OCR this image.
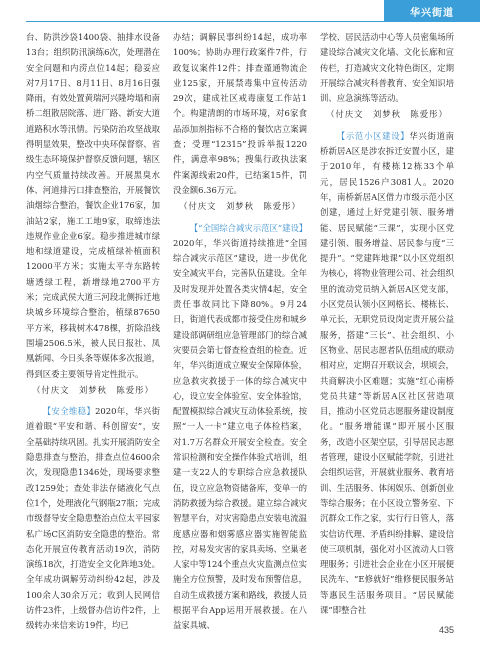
华兴街道

台、防洪沙袋1400袋、抽排水设备13台；组织防汛演练6次，处理潜在安全问题和内涝点位14起；稳妥应对7月17日、8月11日、8月16日强降雨，有效处置黄瑞河兴隆垮塌和南桥二组散居院落、进厂路、新安大道道路积水等汛情。污染防治攻坚战取得明显效果，整改中央环保督察、省级生态环境保护督察反馈问题，辖区内空气质量持续改善。开展黑臭水体、河道排污口排查整治，开展餐饮油烟综合整治，餐饮企业176家，加油站2家，施工工地9家，取缔违法违规作业企业6家。稳步推进城市绿地和绿道建设，完成植绿补植面积12000平方米；实施太平寺东路转塘透绿工程，新增绿地2700平方米；完成武侯大道三河段北侧拆迁地块城乡环境综合整治，植绿87650平方米，移栽树木478棵，折除沿线围墙2506.5米，被人民日报社、凤凰新闻、今日头条等媒体多次报道，得到区委主要领导肯定性批示。

（付庆文　刘梦秋　陈爱彤）

【安全维稳】2020年，华兴街道着眼“平安和谐、科创留安”，安全基础持续巩固。扎实开展消防安全隐患排查与整治，排查点位4600余次，发现隐患1346处，现场要求整改1259处；查处非法存储液化气点位1个，处理液化气钢瓶27瓶；完成市级督导安全隐患整治点位太平园家私广场C区消防安全隐患的整治。常态化开展宣传教育活动19次，消防演练18次，打造安全文化阵地3处。全年成功调解劳动纠纷42起，涉及100余人30余万元；收到人民网信访件23件，上级督办信访件2件，上级转办来信来访19件，均已

办结；调解民事纠纷14起，成功率100%；协助办理行政案件7件，行政复议案件12件；排查谨通物流企业125家，开展禁毒集中宣传活动29次，建成社区戒毒康复工作站1个。构建清朗的市场环境，对6家食品添加剂指标不合格的餐饮店立案调查；受理“12315”投诉举报1220件，满意率98%；搜集行政执法案件案源线索20件，已结案15件，罚没金额6.36万元。

（付庆文　刘梦秋　陈爱彤）

【“全国综合减灾示范区”建设】2020年，华兴街道持续推进“全国综合减灾示范区”建设，进一步优化安全减灾平台，完善队伍建设。全年及时发现并处置各类灾情4起，安全责任事故同比下降80%。9月24日，街道代表成都市接受住房和城乡建设部调研组应急管理部门的综合减灾要员会第七督查检查组的检查。近年，华兴街道成立聚安全保障体验，应急救灾救援于一体的综合减灾中心，设立安全体验室、安全体验馆，配置模拟综合减灾互动体验系统，按照“一人一卡”建立电子体检档案，对1.7万名群众开展安全检查。安全常识检测和安全操作体验式培训，组建一支22人的专职综合应急救援队伍，设立应急物资储备库，变单一的消防救援为综合救援。建立综合减灾智慧平台，对灾害隐患点安装电流温度感应器和烟雾感应器实施智能监控，对易发灾害的家具卖场、空巢老人家中等124个重点火灾监测点位实施全方位预警，及时发布预警信息，自动生成救援方案和路线，救援人员根据平台App运用开展救援。在八益家具城、

学校、居民活动中心等人员密集场所建设综合减灾文化墙、文化长廊和宣传栏，打造减灾文化特色街区，定期开展综合减灾科普教育、安全知识培训、应急演练等活动。

（付庆文　刘梦秋　陈爱彤）

【示范小区建设】华兴街道南桥新居A区是涉农拆迁安置小区，建于2010年，有楼栋12栋33个单元，居民1526户3081人。2020年，南桥新居A区借力市级示范小区创建，通过上好党建引领、服务增能、居民赋能“三课”，实现小区党建引领、服务增益、居民参与度“三提升”。“党建阵地课”以小区党组织为核心，将物业管理公司、社会组织里的流动党员纳入新居A区党支部，小区党员认领小区网格长、楼栋长、单元长，无职党员设岗定责开展公益服务，搭建“三长”、社会组织、小区物业、居民志愿者队伍组成的联动相对应，定期召开联议会，坝顷会，共商解决小区难题；实施“红心南桥党员共建”等新居A区社区营造项目，推动小区党员志愿服务建设制度化。“服务增能课”即开展小区服务，改造小区架空层，引导居民志愿者管理，建设小区赋能学院，引进社会组织运营，开展就业服务、教育培训、生活服务、体闲娱乐、创新创业等综合服务；在小区设立警务室、下沉群众工作之家，实行行日管人，落实信访代理、矛盾纠纷排解、建设信使三项机制，强化对小区流动人口管理服务；引进社会企业在小区开展便民洗车、“E修就好”维修便民服务站等惠民生活服务项目。“居民赋能课”即整合社

435
